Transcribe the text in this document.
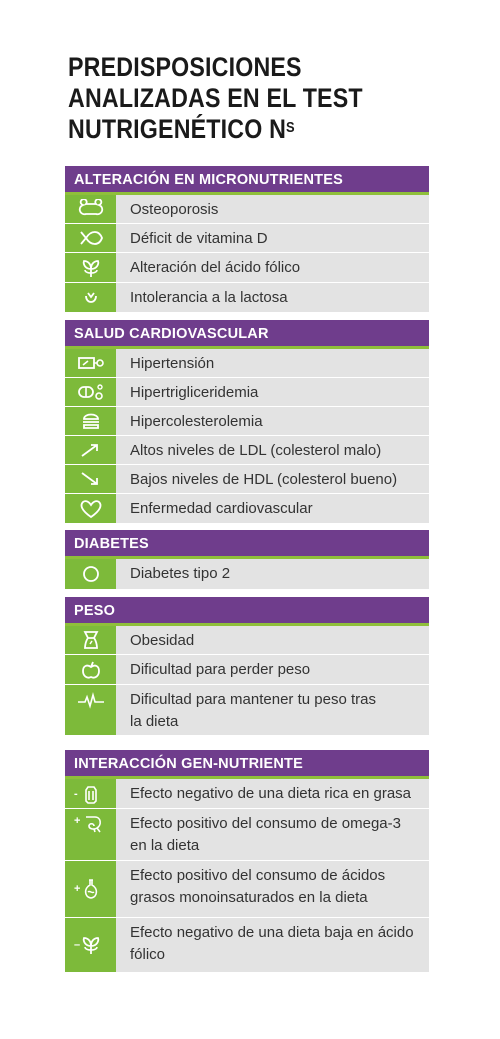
PREDISPOSICIONES
ANALIZADAS EN EL TEST
NUTRIGENÉTICO $N^S$
ALTERACIÓN EN MICRONUTRIENTES
Osteoporosis
Déficit de vitamina D
Alteración del ácido fólico
Intolerancia a la lactosa
SALUD CARDIOVASCULAR
Hipertensión
Hipertrigliceridemia
Hipercolesterolemia
Altos niveles de LDL (colesterol malo)
Bajos niveles de HDL (colesterol bueno)
Enfermedad cardiovascular
DIABETES
Diabetes tipo 2
PESO
Obesidad
Dificultad para perder peso
Dificultad para mantener tu peso tras la dieta
INTERACCIÓN GEN-NUTRIENTE
-	Efecto negativo de una dieta rica en grasa
+	Efecto positivo del consumo de omega-3 en la dieta
+
Efecto positivo del consumo de ácidos grasos monoinsaturados en la dieta
–
Efecto negativo de una dieta baja en ácido fólico
